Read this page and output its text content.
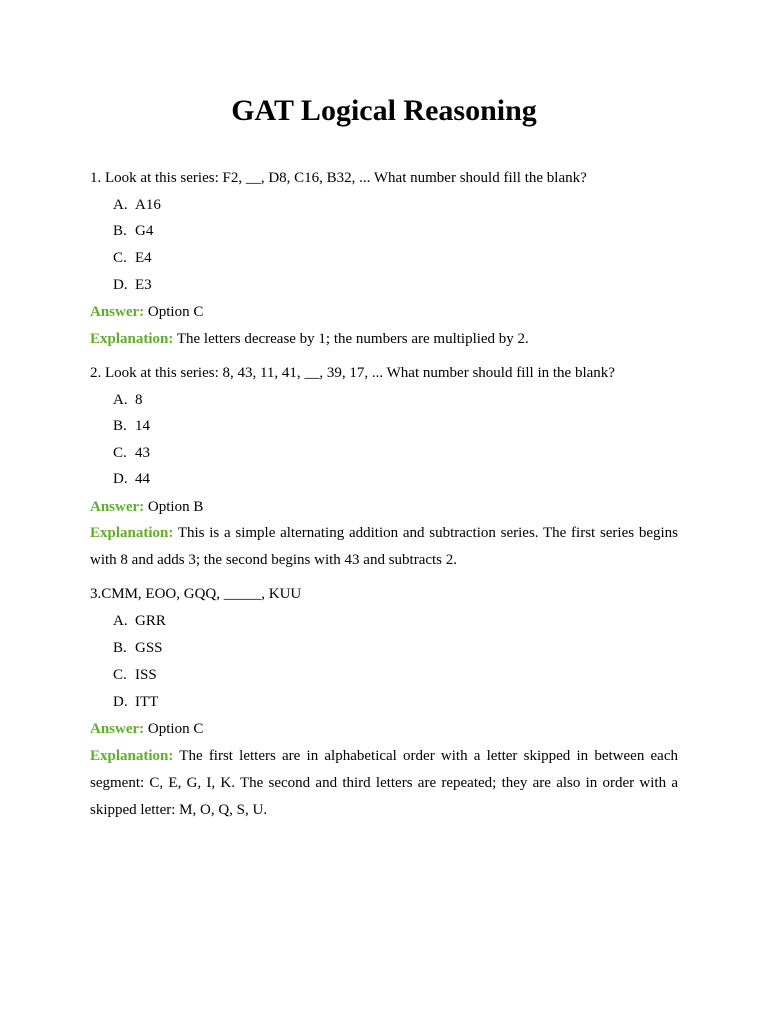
GAT Logical Reasoning
1. Look at this series: F2, __, D8, C16, B32, ... What number should fill the blank?
A. A16
B. G4
C. E4
D. E3
Answer: Option C
Explanation: The letters decrease by 1; the numbers are multiplied by 2.
2. Look at this series: 8, 43, 11, 41, __, 39, 17, ... What number should fill in the blank?
A. 8
B. 14
C. 43
D. 44
Answer: Option B
Explanation: This is a simple alternating addition and subtraction series. The first series begins with 8 and adds 3; the second begins with 43 and subtracts 2.
3.CMM, EOO, GQQ, _____, KUU
A. GRR
B. GSS
C. ISS
D. ITT
Answer: Option C
Explanation: The first letters are in alphabetical order with a letter skipped in between each segment: C, E, G, I, K. The second and third letters are repeated; they are also in order with a skipped letter: M, O, Q, S, U.
